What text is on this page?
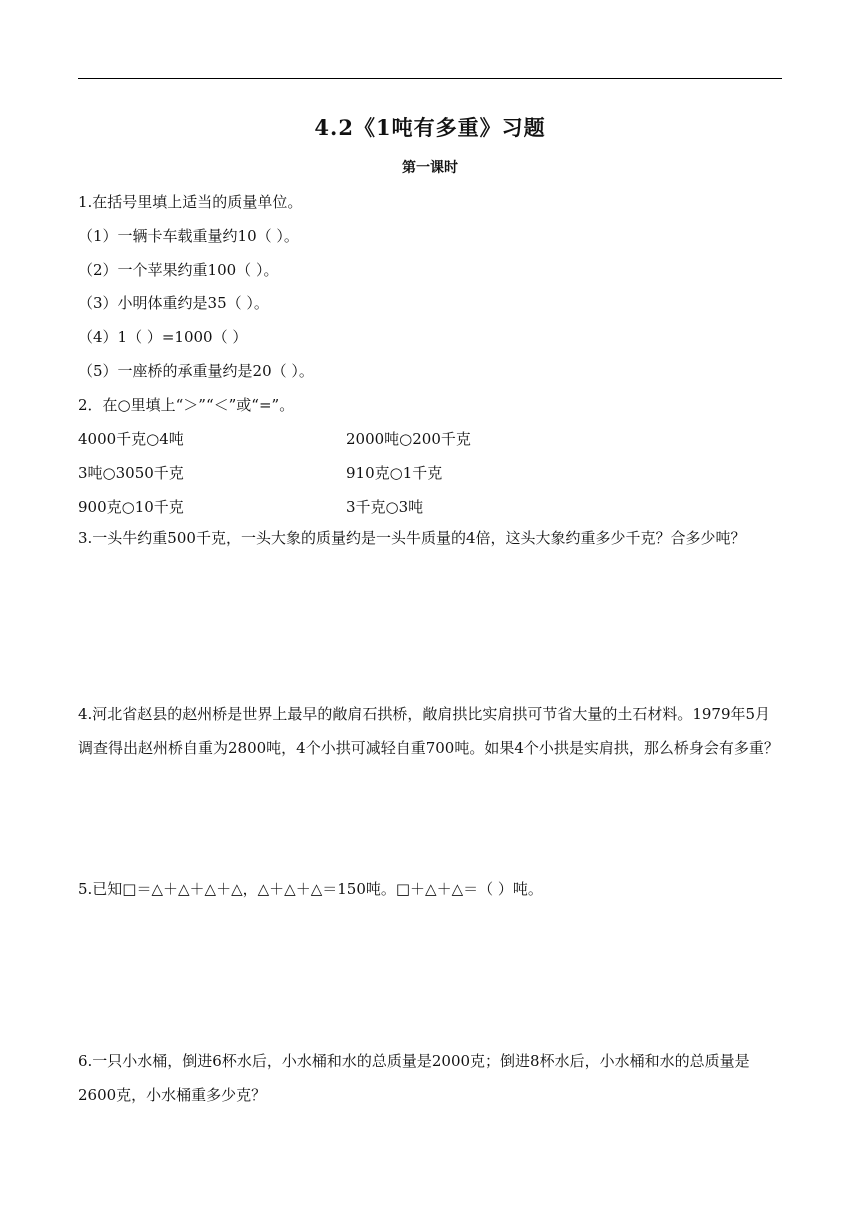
4.2《1吨有多重》习题
第一课时
1.在括号里填上适当的质量单位。
（1）一辆卡车载重量约10（ ）。
（2）一个苹果约重100（ ）。
（3）小明体重约是35（ ）。
（4）1（ ）=1000（ ）
（5）一座桥的承重量约是20（ ）。
2．在○里填上“＞”“＜”或“=”。
4000千克○4吨	2000吨○200千克
3吨○3050千克	910克○1千克
900克○10千克	3千克○3吨
3.一头牛约重500千克，一头大象的质量约是一头牛质量的4倍，这头大象约重多少千克？合多少吨？
4.河北省赵县的赵州桥是世界上最早的敞肩石拱桥，敞肩拱比实肩拱可节省大量的土石材料。1979年5月调查得出赵州桥自重为2800吨，4个小拱可减轻自重700吨。如果4个小拱是实肩拱，那么桥身会有多重？
5.已知□＝△＋△＋△＋△，△＋△＋△＝150吨。□＋△＋△＝（ ）吨。
6.一只小水桶，倒进6杯水后，小水桶和水的总质量是2000克；倒进8杯水后，小水桶和水的总质量是2600克，小水桶重多少克？
